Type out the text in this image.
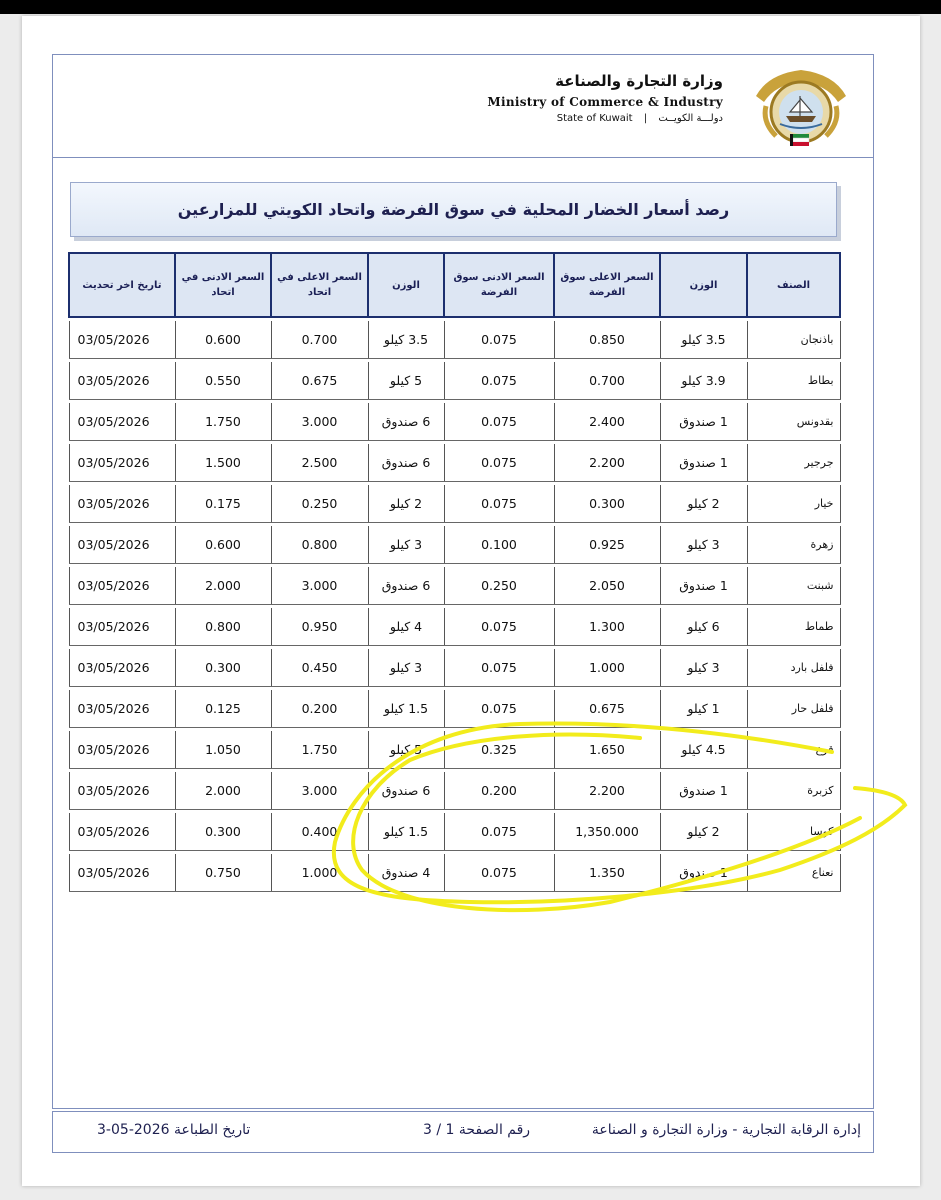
وزارة التجارة والصناعة
Ministry of Commerce & Industry
State of Kuwait | دولـــة الكويــت
رصد أسعار الخضار المحلية في سوق الفرضة واتحاد الكويتي للمزارعين
الصنف	الوزن	السعر الاعلى سوق الفرضة	السعر الادنى سوق الفرضة	الوزن	السعر الاعلى في اتحاد	السعر الادنى في اتحاد	تاريخ اخر تحديث

باذنجان	3.5 كيلو	0.850	0.075	3.5 كيلو	0.700	0.600	03/05/2026

بطاط	3.9 كيلو	0.700	0.075	5 كيلو	0.675	0.550	03/05/2026

بقدونس	1 صندوق	2.400	0.075	6 صندوق	3.000	1.750	03/05/2026

جرجير	1 صندوق	2.200	0.075	6 صندوق	2.500	1.500	03/05/2026

خيار	2 كيلو	0.300	0.075	2 كيلو	0.250	0.175	03/05/2026

زهرة	3 كيلو	0.925	0.100	3 كيلو	0.800	0.600	03/05/2026

شبنت	1 صندوق	2.050	0.250	6 صندوق	3.000	2.000	03/05/2026

طماط	6 كيلو	1.300	0.075	4 كيلو	0.950	0.800	03/05/2026

فلفل بارد	3 كيلو	1.000	0.075	3 كيلو	0.450	0.300	03/05/2026

فلفل حار	1 كيلو	0.675	0.075	1.5 كيلو	0.200	0.125	03/05/2026

قرع	4.5 كيلو	1.650	0.325	5 كيلو	1.750	1.050	03/05/2026

كزبرة	1 صندوق	2.200	0.200	6 صندوق	3.000	2.000	03/05/2026

كوسا	2 كيلو	1,350.000	0.075	1.5 كيلو	0.400	0.300	03/05/2026

نعناع	1 صندوق	1.350	0.075	4 صندوق	1.000	0.750	03/05/2026
إدارة الرقابة التجارية - وزارة التجارة و الصناعة
رقم الصفحة 1 / 3
تاريخ الطباعة 2026-05-3
